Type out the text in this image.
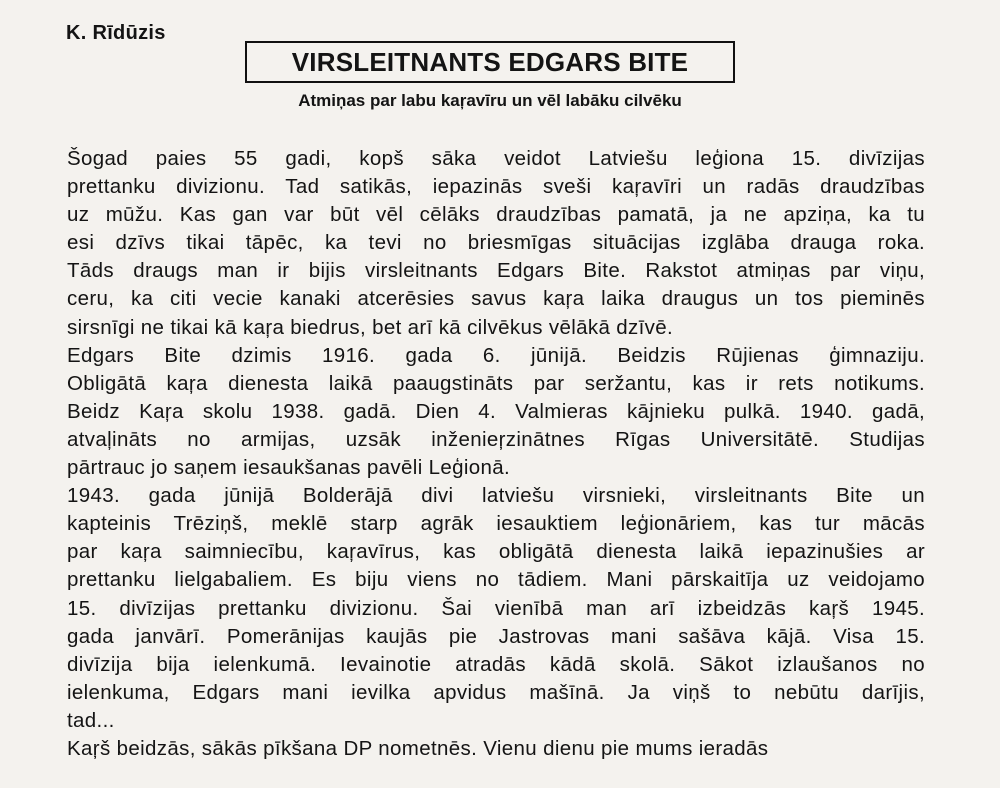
K. Rīdūzis
VIRSLEITNANTS EDGARS BITE
Atmiņas par labu kaŗavīru un vēl labāku cilvēku

Šogad paies 55 gadi, kopš sāka veidot Latviešu leģiona 15. divīzijas
prettanku divizionu. Tad satikās, iepazinās sveši kaŗavīri un radās draudzības
uz mūžu. Kas gan var būt vēl cēlāks draudzības pamatā, ja ne apziņa, ka tu
esi dzīvs tikai tāpēc, ka tevi no briesmīgas situācijas izglāba drauga roka.
Tāds draugs man ir bijis virsleitnants Edgars Bite. Rakstot atmiņas par viņu,
ceru, ka citi vecie kanaki atcerēsies savus kaŗa laika draugus un tos pieminēs
sirsnīgi ne tikai kā kaŗa biedrus, bet arī kā cilvēkus vēlākā dzīvē.

Edgars Bite dzimis 1916. gada 6. jūnijā. Beidzis Rūjienas ģimnaziju.
Obligātā kaŗa dienesta laikā paaugstināts par seržantu, kas ir rets notikums.
Beidz Kaŗa skolu 1938. gadā. Dien 4. Valmieras kājnieku pulkā. 1940. gadā,
atvaļināts no armijas, uzsāk inženieŗzinātnes Rīgas Universitātē. Studijas
pārtrauc jo saņem iesaukšanas pavēli Leģionā.

1943. gada jūnijā Bolderājā divi latviešu virsnieki, virsleitnants Bite un
kapteinis Trēziņš, meklē starp agrāk iesauktiem leģionāriem, kas tur mācās
par kaŗa saimniecību, kaŗavīrus, kas obligātā dienesta laikā iepazinušies ar
prettanku lielgabaliem. Es biju viens no tādiem. Mani pārskaitīja uz veidojamo
15. divīzijas prettanku divizionu. Šai vienībā man arī izbeidzās kaŗš 1945.
gada janvārī. Pomerānijas kaujās pie Jastrovas mani sašāva kājā. Visa 15.
divīzija bija ielenkumā. Ievainotie atradās kādā skolā. Sākot izlaušanos no
ielenkuma, Edgars mani ievilka apvidus mašīnā. Ja viņš to nebūtu darījis,
tad...

Kaŗš beidzās, sākās pīkšana DP nometnēs. Vienu dienu pie mums ieradās
